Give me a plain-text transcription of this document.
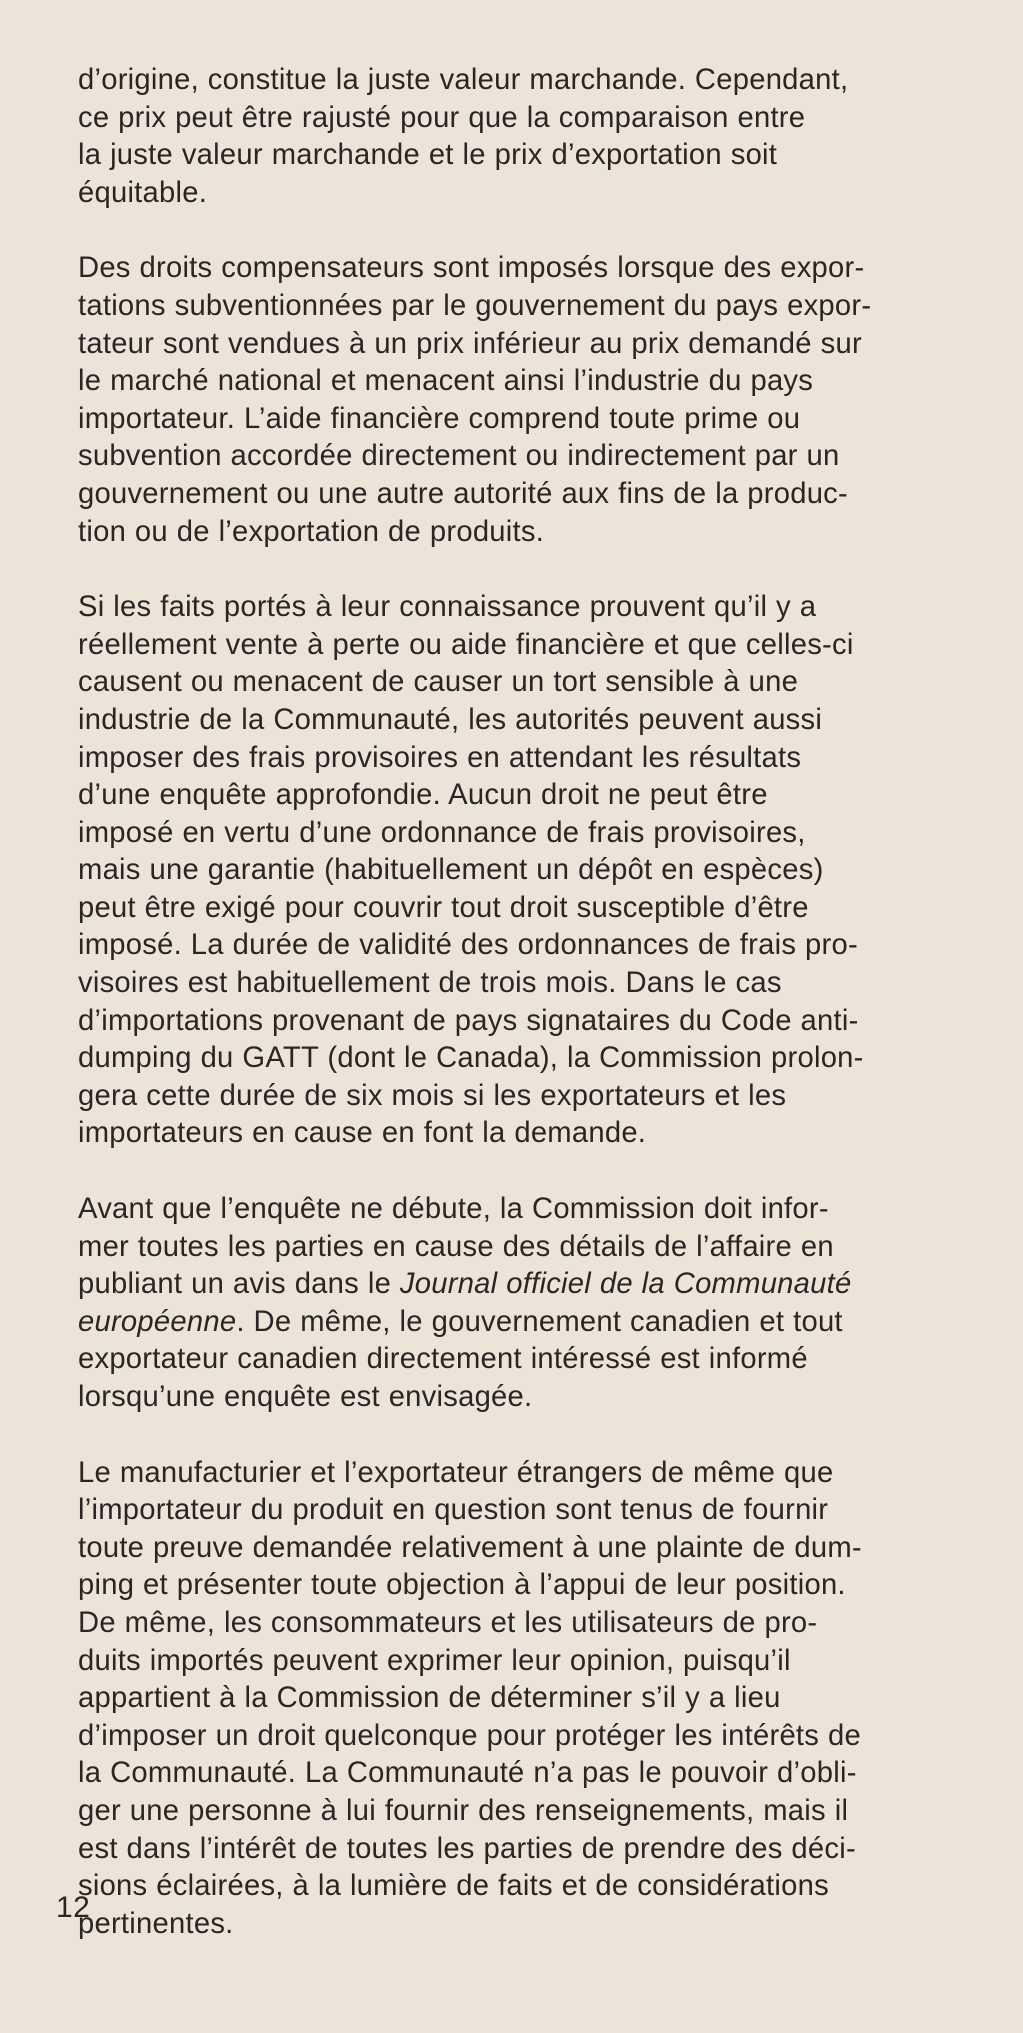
d’origine, constitue la juste valeur marchande. Cependant,
ce prix peut être rajusté pour que la comparaison entre
la juste valeur marchande et le prix d’exportation soit
équitable.

Des droits compensateurs sont imposés lorsque des expor-
tations subventionnées par le gouvernement du pays expor-
tateur sont vendues à un prix inférieur au prix demandé sur
le marché national et menacent ainsi l’industrie du pays
importateur. L’aide financière comprend toute prime ou
subvention accordée directement ou indirectement par un
gouvernement ou une autre autorité aux fins de la produc-
tion ou de l’exportation de produits.

Si les faits portés à leur connaissance prouvent qu’il y a
réellement vente à perte ou aide financière et que celles-ci
causent ou menacent de causer un tort sensible à une
industrie de la Communauté, les autorités peuvent aussi
imposer des frais provisoires en attendant les résultats
d’une enquête approfondie. Aucun droit ne peut être
imposé en vertu d’une ordonnance de frais provisoires,
mais une garantie (habituellement un dépôt en espèces)
peut être exigé pour couvrir tout droit susceptible d’être
imposé. La durée de validité des ordonnances de frais pro-
visoires est habituellement de trois mois. Dans le cas
d’importations provenant de pays signataires du Code anti-
dumping du GATT (dont le Canada), la Commission prolon-
gera cette durée de six mois si les exportateurs et les
importateurs en cause en font la demande.

Avant que l’enquête ne débute, la Commission doit infor-
mer toutes les parties en cause des détails de l’affaire en
publiant un avis dans le Journal officiel de la Communauté
européenne. De même, le gouvernement canadien et tout
exportateur canadien directement intéressé est informé
lorsqu’une enquête est envisagée.

Le manufacturier et l’exportateur étrangers de même que
l’importateur du produit en question sont tenus de fournir
toute preuve demandée relativement à une plainte de dum-
ping et présenter toute objection à l’appui de leur position.
De même, les consommateurs et les utilisateurs de pro-
duits importés peuvent exprimer leur opinion, puisqu’il
appartient à la Commission de déterminer s’il y a lieu
d’imposer un droit quelconque pour protéger les intérêts de
la Communauté. La Communauté n’a pas le pouvoir d’obli-
ger une personne à lui fournir des renseignements, mais il
est dans l’intérêt de toutes les parties de prendre des déci-
sions éclairées, à la lumière de faits et de considérations
pertinentes.

12
